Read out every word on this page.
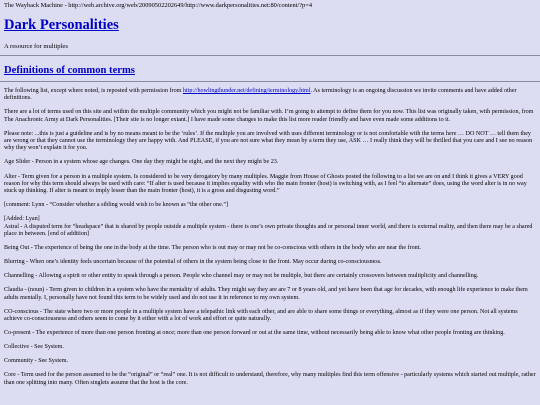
The Wayback Machine - http://web.archive.org/web/20090502202649/http://www.darkpersonalities.net:80/content/?p=4
Dark Personalities
A resource for multiples
Definitions of common terms

The following list, except where noted, is reposted with permission from http://howlingthunder.net/defining/terminology.html. As terminology is an ongoing discussion we invite comments and have added other definitions.

There are a lot of terms used on this site and within the multiple community which you might not be familiar with. I’m going to attempt to define them for you now. This list was originally taken, with permission, from The Anachronic Army at Dark Personalities. [Their site is no longer extant.] I have made some changes to make this list more reader friendly and have even made some additions to it.

Please note: ...this is just a guideline and is by no means meant to be the ‘rules’. If the multiple you are involved with uses different terminology or is not comfortable with the terms here … DO NOT … tell them they are wrong or that they cannot use the terminology they are happy with. And PLEASE, if you are not sure what they mean by a term they use, ASK … I really think they will be thrilled that you care and I see no reason why they won’t explain it for you.

Age Slider - Person in a system whose age changes. One day they might be eight, and the next they might be 23.

Alter - Term given for a person in a multiple system. Is considered to be very derogatory by many multiples. Maggie from House of Ghosts posted the following to a list we are on and I think it gives a VERY good reason for why this term should always be used with care: “If alter is used because it implies equality with who the main fronter (host) is switching with, as I feel “to alternate” does, using the word alter is in no way stuck up thinking. If alter is meant to imply lesser than the main fronter (host), it is a gross and disgusting word.”

[comment: Lynn - “Consider whether a sibling would wish to be known as “the other one.”]

[Added: Lyan]
Astral - A disputed term for “headspace” that is shared by people outside a multiple system - there is one’s own private thoughts and or personal inner world, and there is external reality, and then there may be a shared place in between. [end of addition]

Being Out - The experience of being the one in the body at the time. The person who is out may or may not be co-conscious with others in the body who are near the front.

Blurring - When one’s identity feels uncertain because of the potential of others in the system being close to the front. May occur during co-consciousness.

Channelling - Allowing a spirit or other entity to speak through a person. People who channel may or may not be multiple, but there are certainly crossovers between multiplicity and channelling.

Claudia - (noun) - Term given to children in a system who have the mentality of adults. They might say they are are 7 or 8 years old, and yet have been that age for decades, with enough life experience to make them adults mentally. I, personally have not found this term to be widely used and do not use it in reference to my own system.

CO-conscious - The state where two or more people in a multiple system have a telepathic link with each other, and are able to share some things or everything, almost as if they were one person. Not all systems achieve co-consciousness and others seem to come by it either with a lot of work and effort or quite naturally.

Co-present - The experience of more than one person fronting at once; more than one person forward or out at the same time, without necessarily being able to know what other people fronting are thinking.

Collective - See System.

Community - See System.

Core - Term used for the person assumed to be the “original” or “real” one. It is not difficult to understand, therefore, why many multiples find this term offensive - particularly systems which started out multiple, rather than one splitting into many. Often singlets assume that the host is the core.
